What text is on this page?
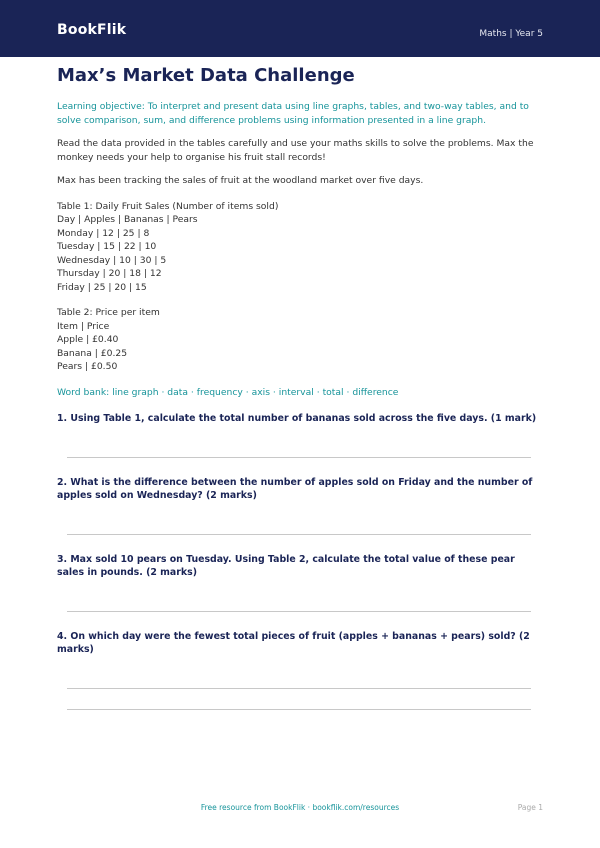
BookFlik	Maths | Year 5
Max’s Market Data Challenge

Learning objective: To interpret and present data using line graphs, tables, and two-way tables, and to solve comparison, sum, and difference problems using information presented in a line graph.

Read the data provided in the tables carefully and use your maths skills to solve the problems. Max the monkey needs your help to organise his fruit stall records!

Max has been tracking the sales of fruit at the woodland market over five days.

Table 1: Daily Fruit Sales (Number of items sold)
Day | Apples | Bananas | Pears
Monday | 12 | 25 | 8
Tuesday | 15 | 22 | 10
Wednesday | 10 | 30 | 5
Thursday | 20 | 18 | 12
Friday | 25 | 20 | 15
Table 2: Price per item
Item | Price
Apple | £0.40
Banana | £0.25
Pears | £0.50
Word bank: line graph · data · frequency · axis · interval · total · difference
1. Using Table 1, calculate the total number of bananas sold across the five days. (1 mark)
2. What is the difference between the number of apples sold on Friday and the number of apples sold on Wednesday? (2 marks)
3. Max sold 10 pears on Tuesday. Using Table 2, calculate the total value of these pear sales in pounds. (2 marks)
4. On which day were the fewest total pieces of fruit (apples + bananas + pears) sold? (2 marks)
Free resource from BookFlik · bookflik.com/resources	Page 1
